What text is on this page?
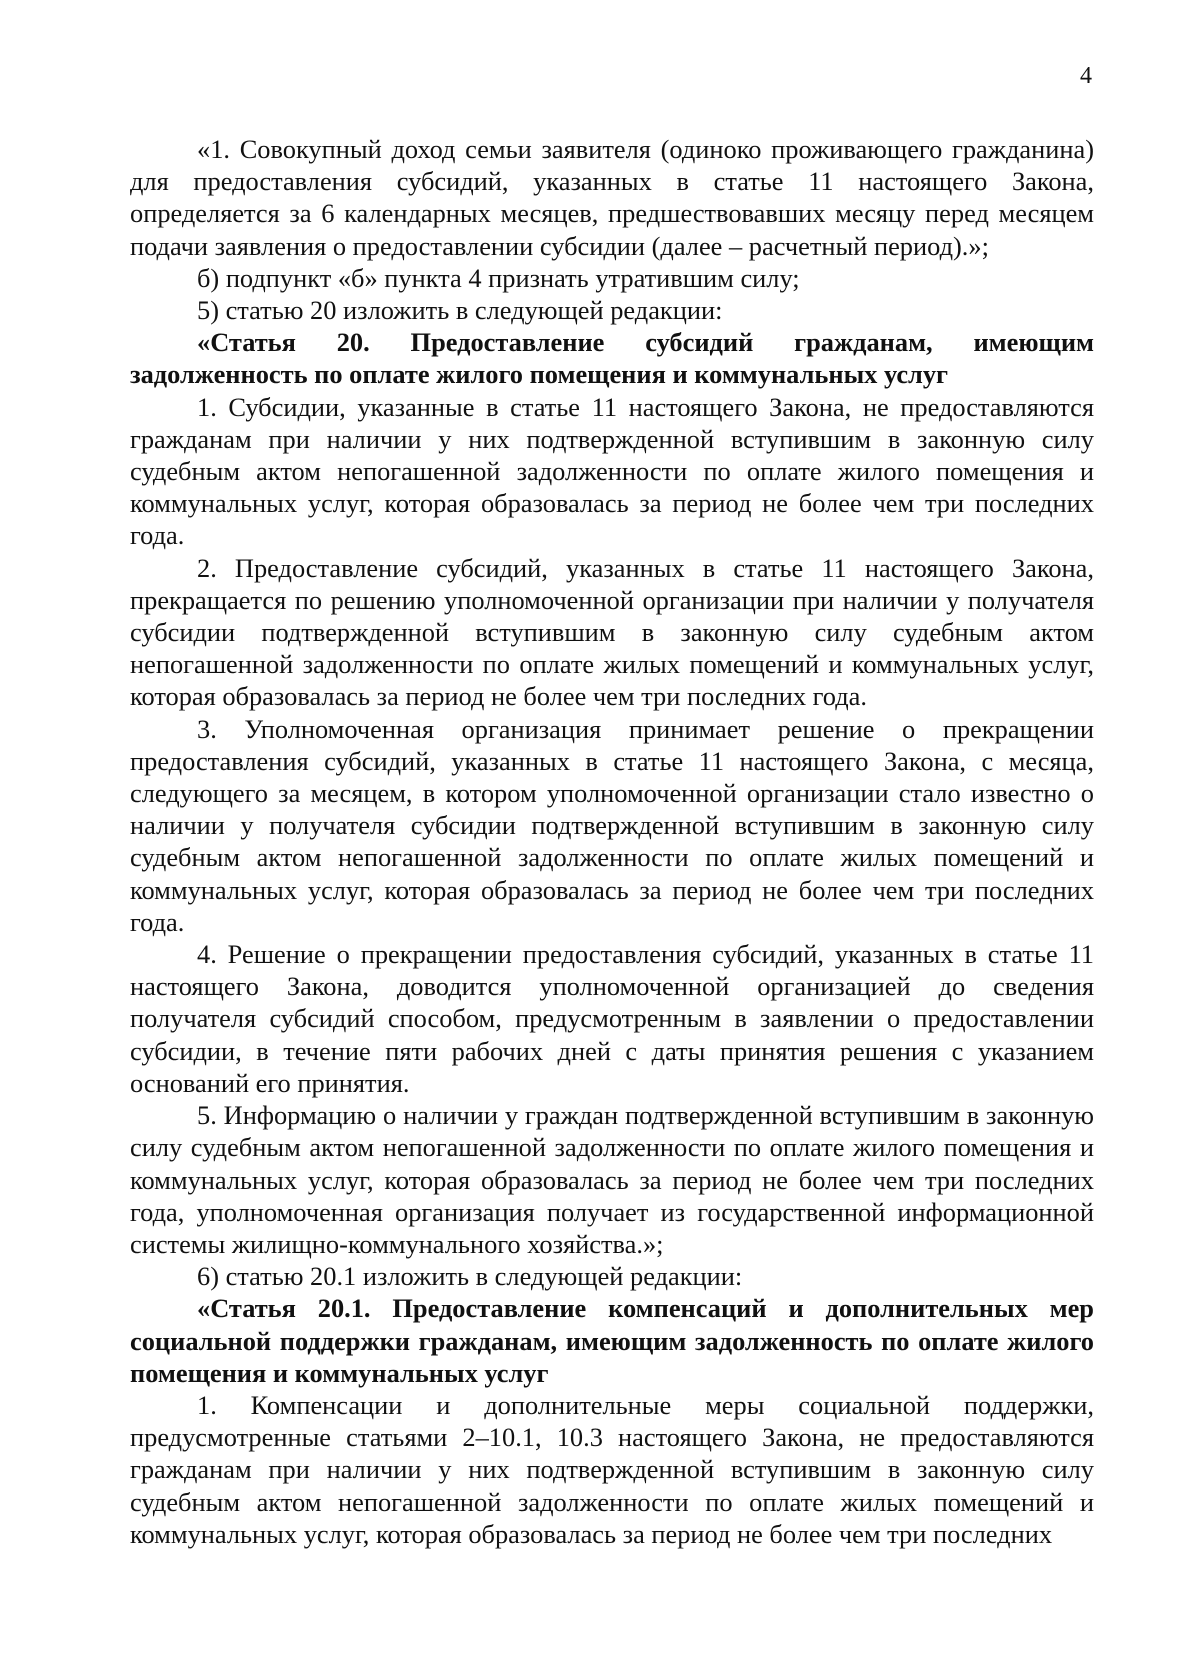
4

«1. Совокупный доход семьи заявителя (одиноко проживающего гражданина) для предоставления субсидий, указанных в статье 11 настоящего Закона, определяется за 6 календарных месяцев, предшествовавших месяцу перед месяцем подачи заявления о предоставлении субсидии (далее – расчетный период).»;

б) подпункт «б» пункта 4 признать утратившим силу;

5) статью 20 изложить в следующей редакции:

«Статья 20. Предоставление субсидий гражданам, имеющим задолженность по оплате жилого помещения и коммунальных услуг

1. Субсидии, указанные в статье 11 настоящего Закона, не предоставляются гражданам при наличии у них подтвержденной вступившим в законную силу судебным актом непогашенной задолженности по оплате жилого помещения и коммунальных услуг, которая образовалась за период не более чем три последних года.

2. Предоставление субсидий, указанных в статье 11 настоящего Закона, прекращается по решению уполномоченной организации при наличии у получателя субсидии подтвержденной вступившим в законную силу судебным актом непогашенной задолженности по оплате жилых помещений и коммунальных услуг, которая образовалась за период не более чем три последних года.

3. Уполномоченная организация принимает решение о прекращении предоставления субсидий, указанных в статье 11 настоящего Закона, с месяца, следующего за месяцем, в котором уполномоченной организации стало известно о наличии у получателя субсидии подтвержденной вступившим в законную силу судебным актом непогашенной задолженности по оплате жилых помещений и коммунальных услуг, которая образовалась за период не более чем три последних года.

4. Решение о прекращении предоставления субсидий, указанных в статье 11 настоящего Закона, доводится уполномоченной организацией до сведения получателя субсидий способом, предусмотренным в заявлении о предоставлении субсидии, в течение пяти рабочих дней с даты принятия решения с указанием оснований его принятия.

5. Информацию о наличии у граждан подтвержденной вступившим в законную силу судебным актом непогашенной задолженности по оплате жилого помещения и коммунальных услуг, которая образовалась за период не более чем три последних года, уполномоченная организация получает из государственной информационной системы жилищно-коммунального хозяйства.»;

6) статью 20.1 изложить в следующей редакции:

«Статья 20.1. Предоставление компенсаций и дополнительных мер социальной поддержки гражданам, имеющим задолженность по оплате жилого помещения и коммунальных услуг

1. Компенсации и дополнительные меры социальной поддержки, предусмотренные статьями 2–10.1, 10.3 настоящего Закона, не предоставляются гражданам при наличии у них подтвержденной вступившим в законную силу судебным актом непогашенной задолженности по оплате жилых помещений и коммунальных услуг, которая образовалась за период не более чем три последних
